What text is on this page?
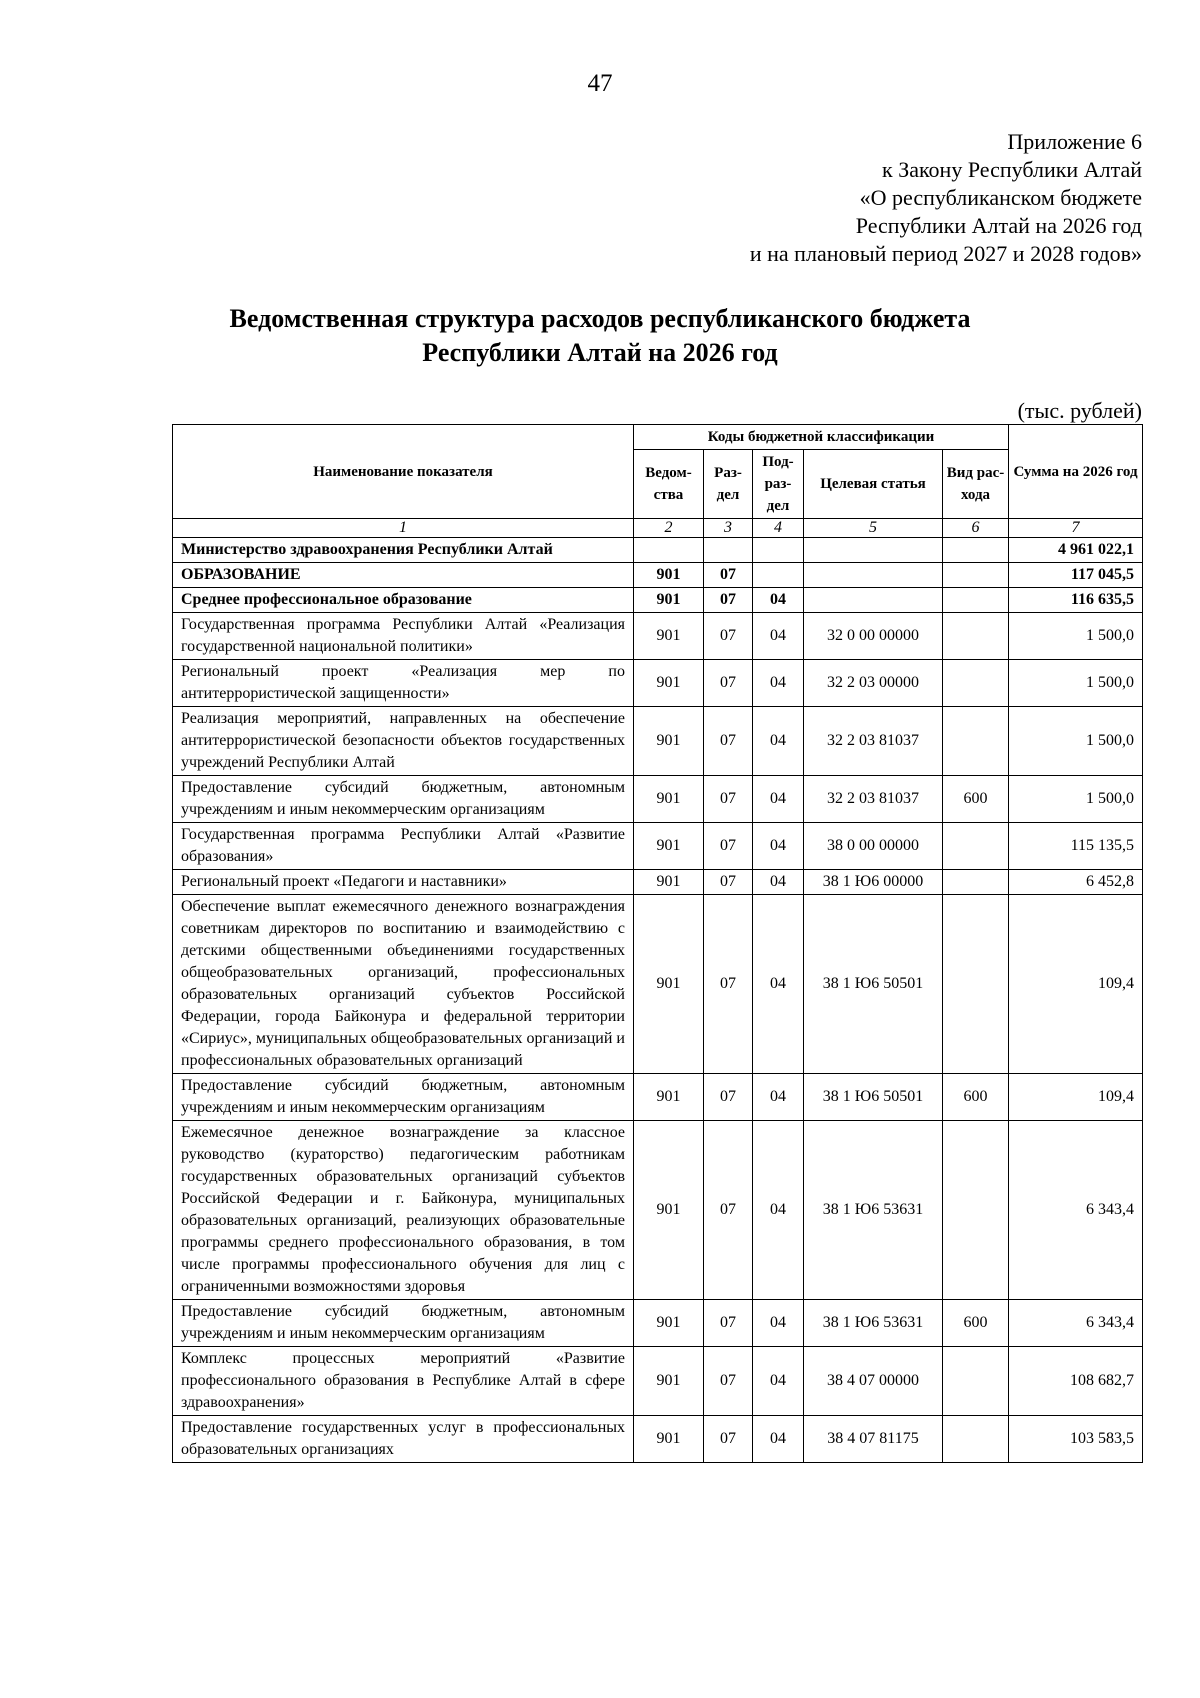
47
Приложение 6
к Закону Республики Алтай
«О республиканском бюджете
Республики Алтай на 2026 год
и на плановый период 2027 и 2028 годов»
Ведомственная структура расходов республиканского бюджета
Республики Алтай на 2026 год
(тыс. рублей)
Наименование показателя	Коды бюджетной классификации					Сумма на 2026 год
	Ведом-ства	Раз-дел	Под-раз-дел	Целевая статья	Вид рас-хода	
1	2	3	4	5	6	7
Министерство здравоохранения Республики Алтай						4 961 022,1
ОБРАЗОВАНИЕ	901	07				117 045,5
Среднее профессиональное образование	901	07	04			116 635,5
Государственная программа Республики Алтай «Реализация государственной национальной политики»	901	07	04	32 0 00 00000		1 500,0
Региональный проект «Реализация мер по антитеррористической защищенности»	901	07	04	32 2 03 00000		1 500,0
Реализация мероприятий, направленных на обеспечение антитеррористической безопасности объектов государственных учреждений Республики Алтай	901	07	04	32 2 03 81037		1 500,0
Предоставление субсидий бюджетным, автономным учреждениям и иным некоммерческим организациям	901	07	04	32 2 03 81037	600	1 500,0
Государственная программа Республики Алтай «Развитие образования»	901	07	04	38 0 00 00000		115 135,5
Региональный проект «Педагоги и наставники»	901	07	04	38 1 Ю6 00000		6 452,8
Обеспечение выплат ежемесячного денежного вознаграждения советникам директоров по воспитанию и взаимодействию с детскими общественными объединениями государственных общеобразовательных организаций, профессиональных образовательных организаций субъектов Российской Федерации, города Байконура и федеральной территории «Сириус», муниципальных общеобразовательных организаций и профессиональных образовательных организаций	901	07	04	38 1 Ю6 50501		109,4
Предоставление субсидий бюджетным, автономным учреждениям и иным некоммерческим организациям	901	07	04	38 1 Ю6 50501	600	109,4
Ежемесячное денежное вознаграждение за классное руководство (кураторство) педагогическим работникам государственных образовательных организаций субъектов Российской Федерации и г. Байконура, муниципальных образовательных организаций, реализующих образовательные программы среднего профессионального образования, в том числе программы профессионального обучения для лиц с ограниченными возможностями здоровья	901	07	04	38 1 Ю6 53631		6 343,4
Предоставление субсидий бюджетным, автономным учреждениям и иным некоммерческим организациям	901	07	04	38 1 Ю6 53631	600	6 343,4
Комплекс процессных мероприятий «Развитие профессионального образования в Республике Алтай в сфере здравоохранения»	901	07	04	38 4 07 00000		108 682,7
Предоставление государственных услуг в профессиональных образовательных организациях	901	07	04	38 4 07 81175		103 583,5
